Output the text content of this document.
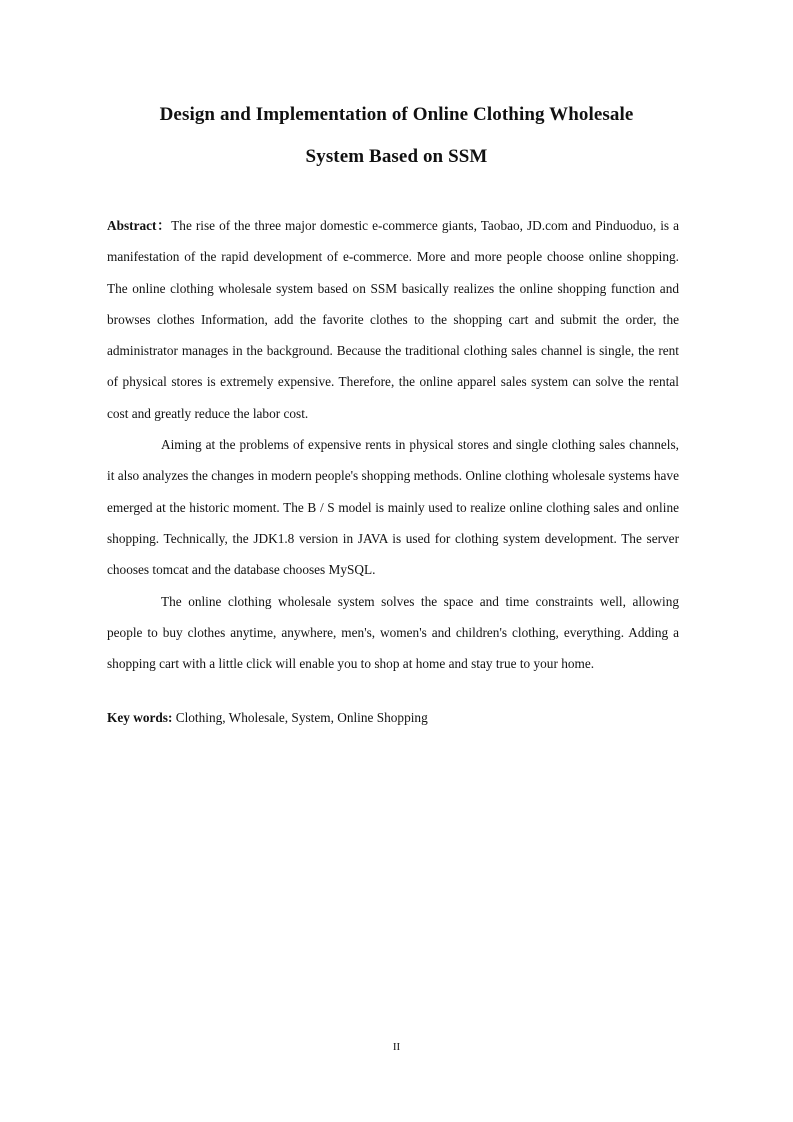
Design and Implementation of Online Clothing Wholesale
System Based on SSM

Abstract：The rise of the three major domestic e-commerce giants, Taobao, JD.com and Pinduoduo, is a manifestation of the rapid development of e-commerce. More and more people choose online shopping. The online clothing wholesale system based on SSM basically realizes the online shopping function and browses clothes Information, add the favorite clothes to the shopping cart and submit the order, the administrator manages in the background. Because the traditional clothing sales channel is single, the rent of physical stores is extremely expensive. Therefore, the online apparel sales system can solve the rental cost and greatly reduce the labor cost.

Aiming at the problems of expensive rents in physical stores and single clothing sales channels, it also analyzes the changes in modern people's shopping methods. Online clothing wholesale systems have emerged at the historic moment. The B / S model is mainly used to realize online clothing sales and online shopping. Technically, the JDK1.8 version in JAVA is used for clothing system development. The server chooses tomcat and the database chooses MySQL.

The online clothing wholesale system solves the space and time constraints well, allowing people to buy clothes anytime, anywhere, men's, women's and children's clothing, everything. Adding a shopping cart with a little click will enable you to shop at home and stay true to your home.

Key words: Clothing, Wholesale, System, Online Shopping
II
